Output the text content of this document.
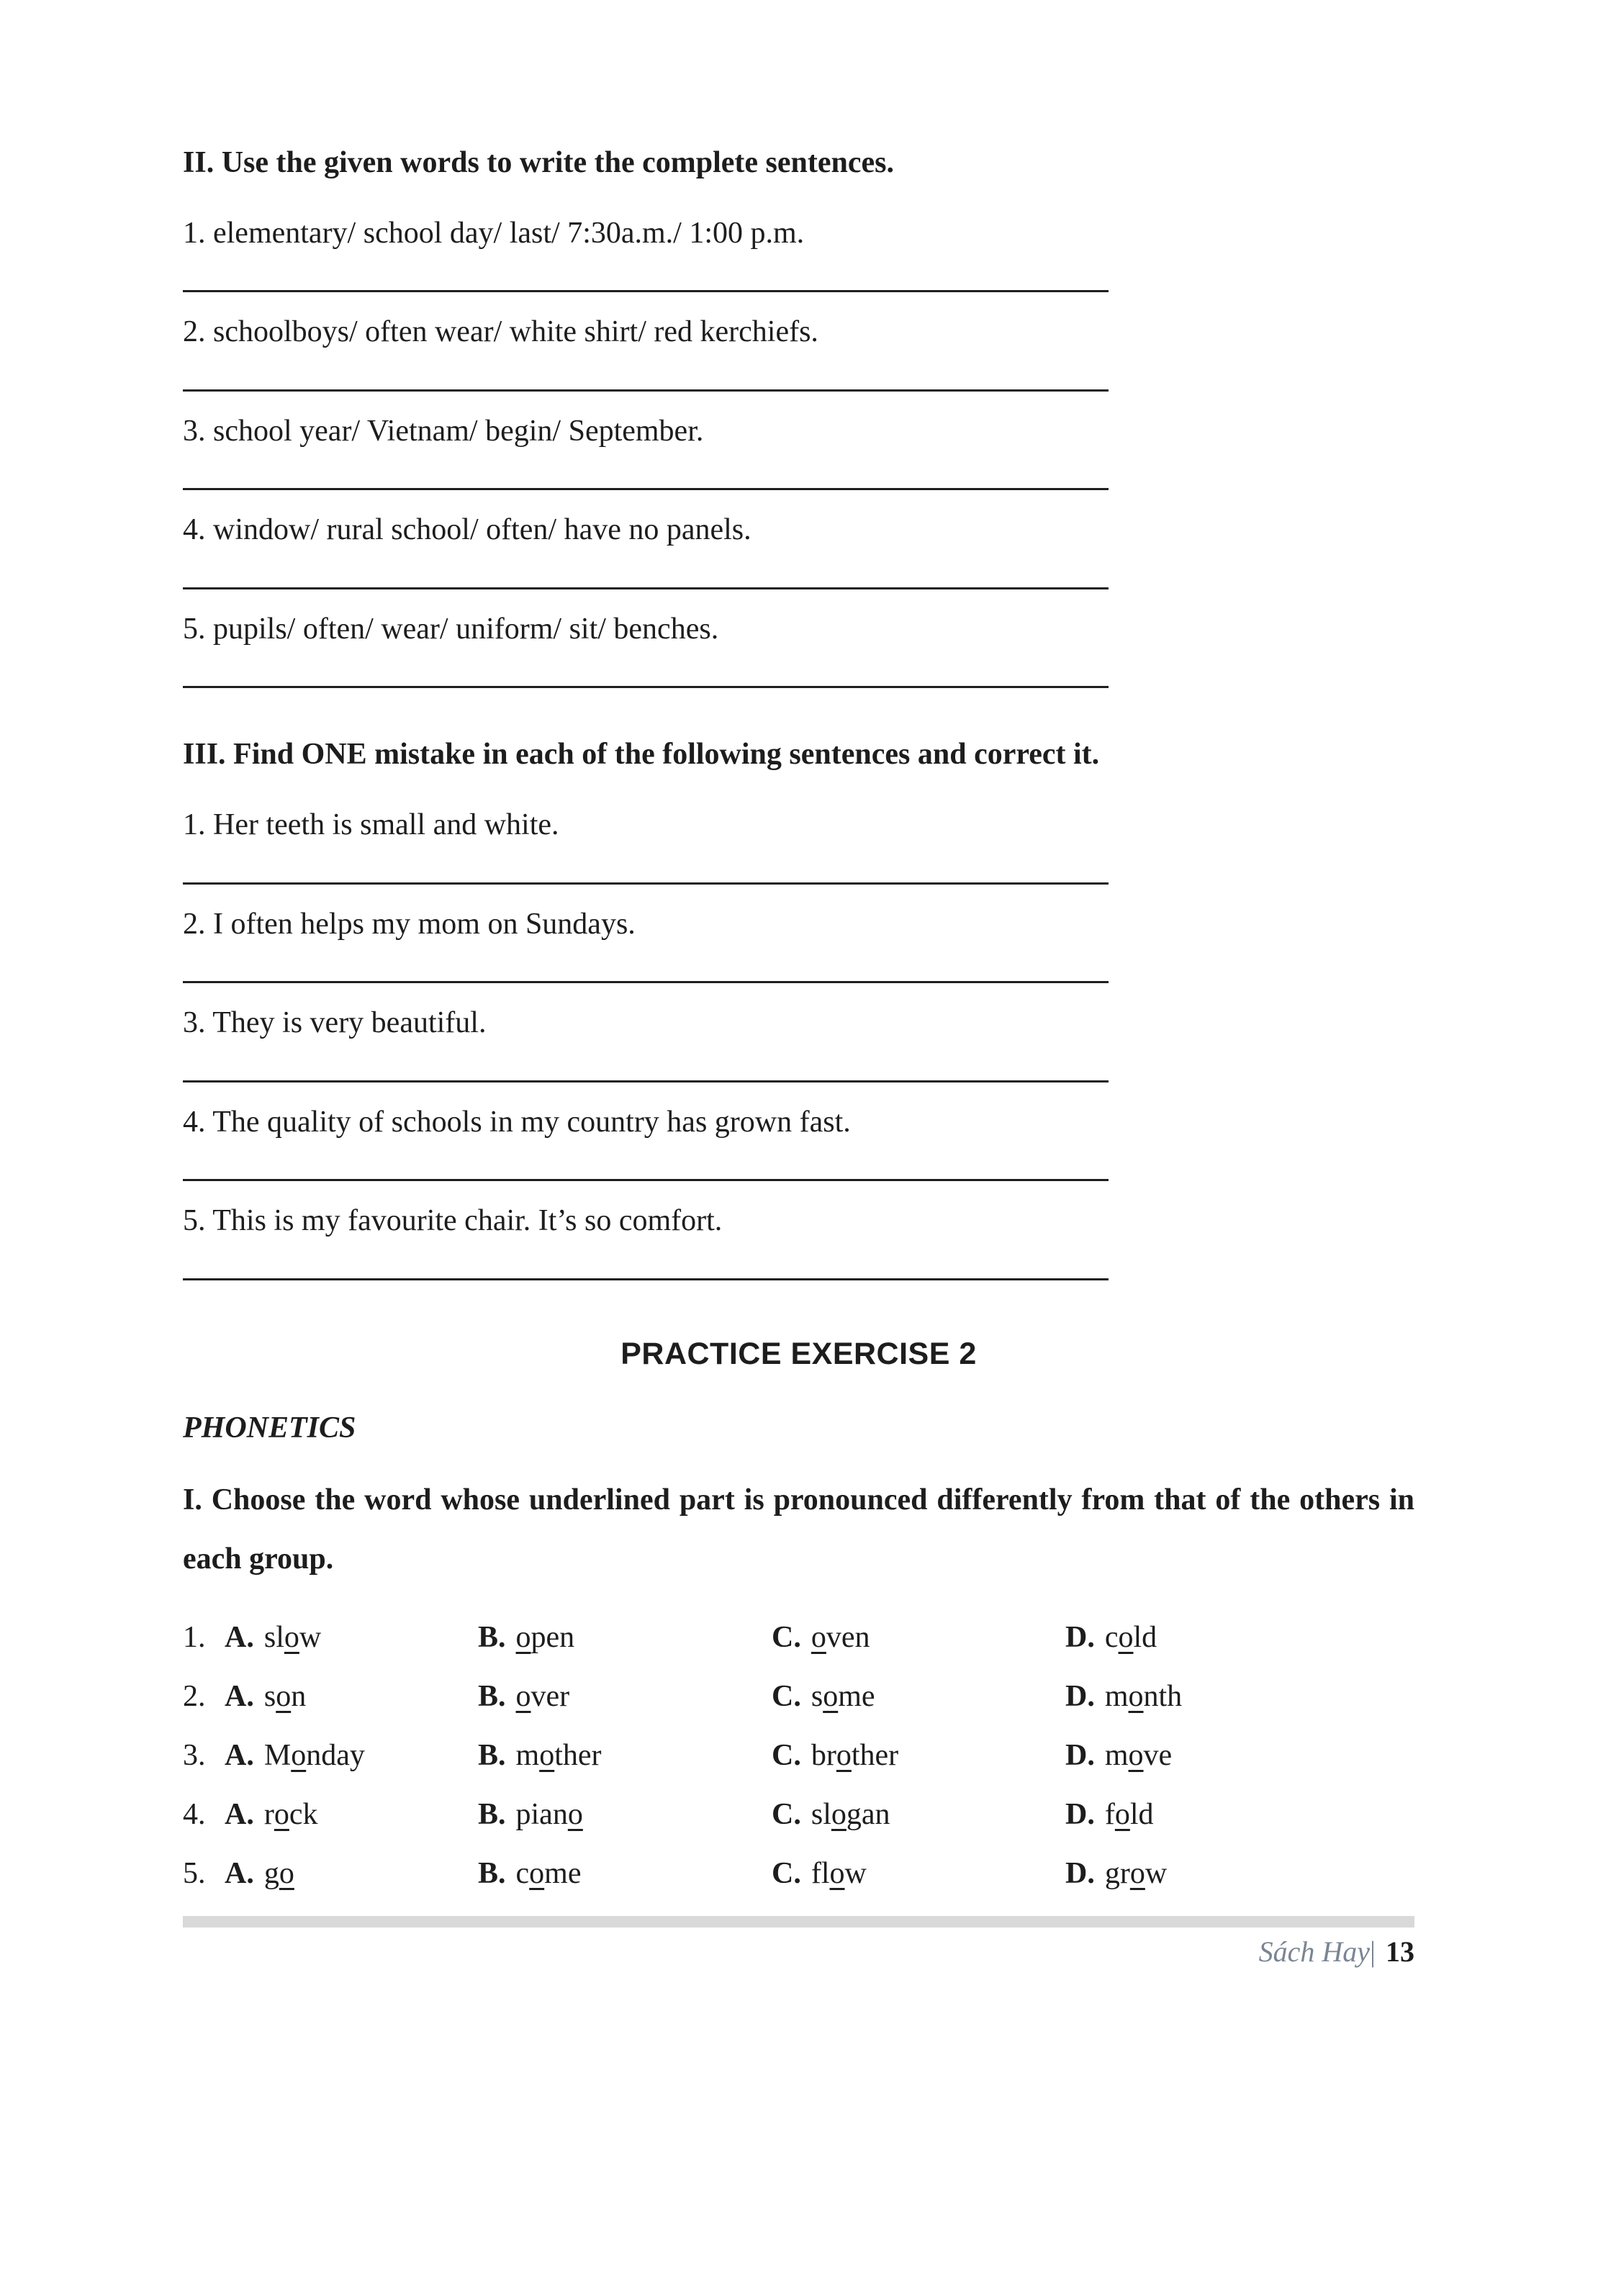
II. Use the given words to write the complete sentences.

1. elementary/ school day/ last/ 7:30a.m./ 1:00 p.m.

2. schoolboys/ often wear/ white shirt/ red kerchiefs.

3. school year/ Vietnam/ begin/ September.

4. window/ rural school/ often/ have no panels.

5. pupils/ often/ wear/ uniform/ sit/ benches.

III. Find ONE mistake in each of the following sentences and correct it.

1. Her teeth is small and white.

2. I often helps my mom on Sundays.

3. They is very beautiful.

4. The quality of schools in my country has grown fast.

5. This is my favourite chair. It’s so comfort.

PRACTICE EXERCISE 2
PHONETICS

I. Choose the word whose underlined part is pronounced differently from that of the others in each group.

1. A. slow	B. open	C. oven	D. cold
2. A. son	B. over	C. some	D. month
3. A. Monday	B. mother	C. brother	D. move
4. A. rock	B. piano	C. slogan	D. fold
5. A. go	B. come	C. flow	D. grow
Sách Hay| 13
